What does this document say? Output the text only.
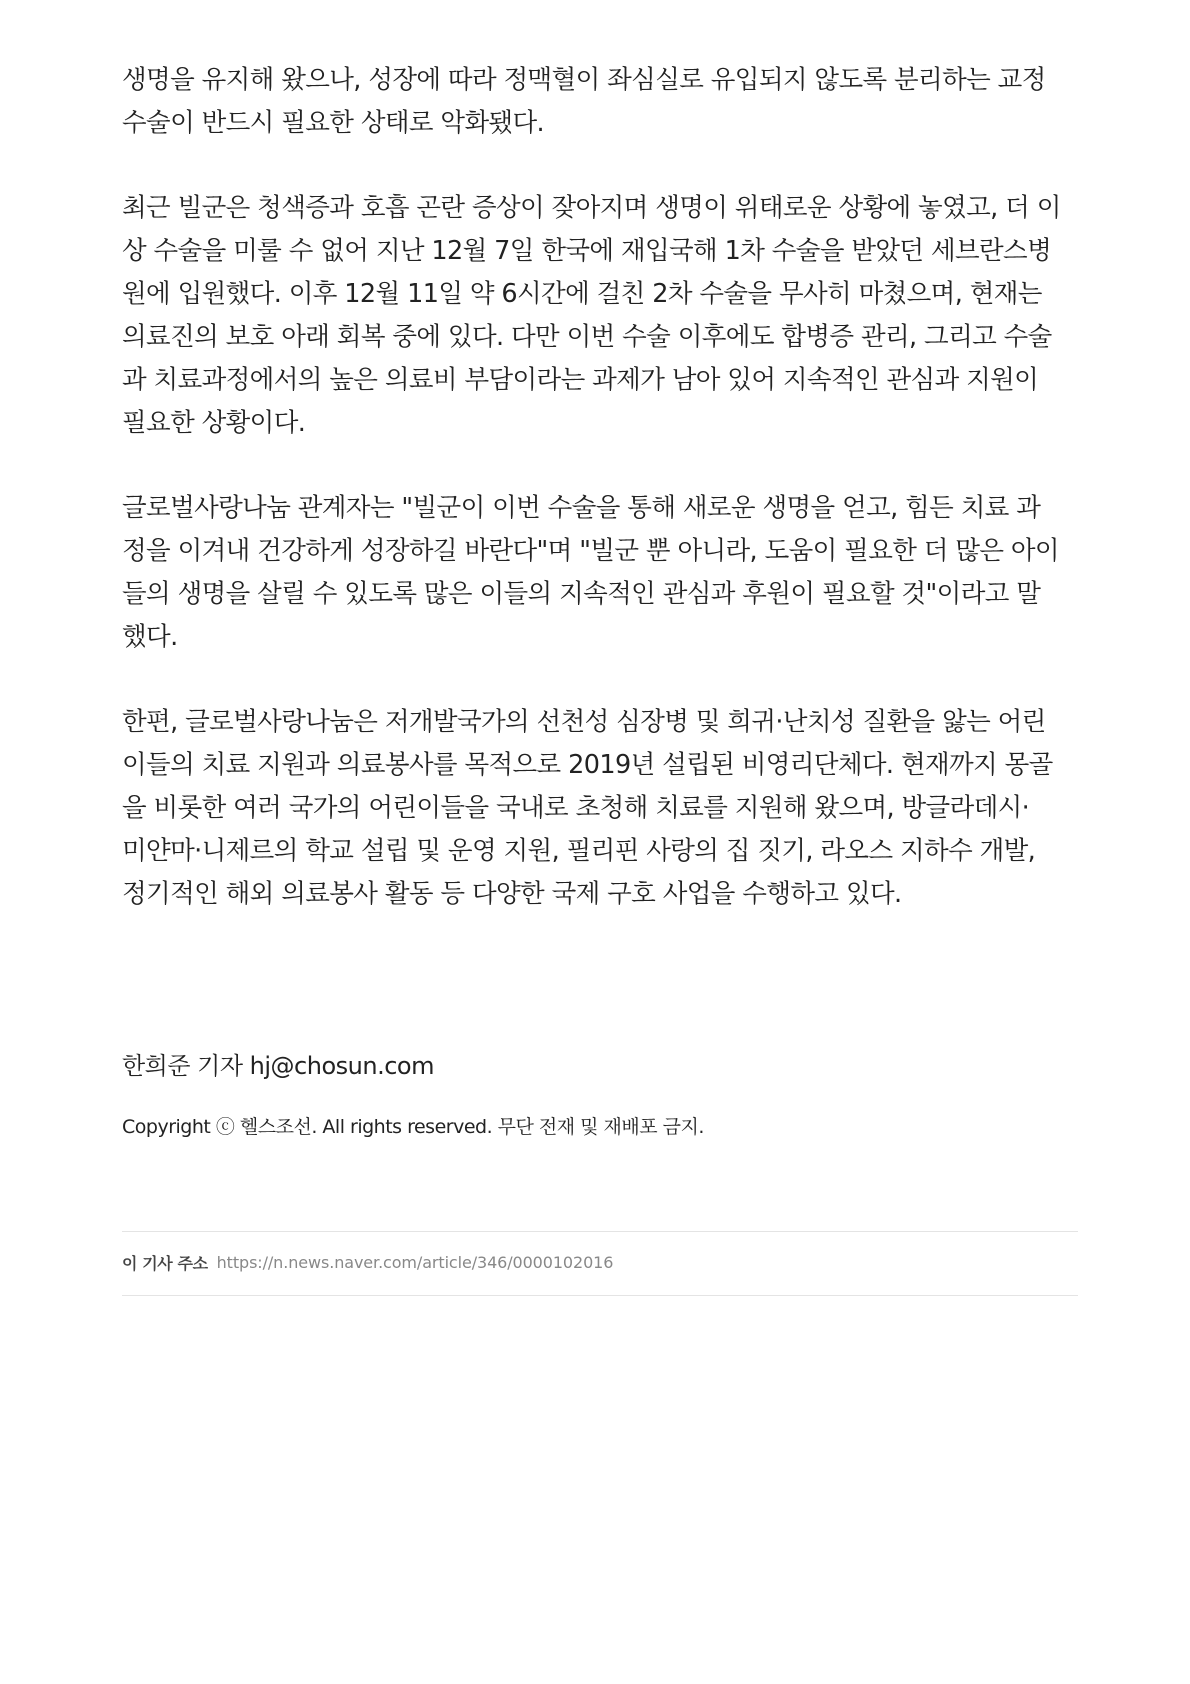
생명을 유지해 왔으나, 성장에 따라 정맥혈이 좌심실로 유입되지 않도록 분리하는 교정
수술이 반드시 필요한 상태로 악화됐다.

최근 빌군은 청색증과 호흡 곤란 증상이 잦아지며 생명이 위태로운 상황에 놓였고, 더 이
상 수술을 미룰 수 없어 지난 12월 7일 한국에 재입국해 1차 수술을 받았던 세브란스병
원에 입원했다. 이후 12월 11일 약 6시간에 걸친 2차 수술을 무사히 마쳤으며, 현재는
의료진의 보호 아래 회복 중에 있다. 다만 이번 수술 이후에도 합병증 관리, 그리고 수술
과 치료과정에서의 높은 의료비 부담이라는 과제가 남아 있어 지속적인 관심과 지원이
필요한 상황이다.

글로벌사랑나눔 관계자는 "빌군이 이번 수술을 통해 새로운 생명을 얻고, 힘든 치료 과
정을 이겨내 건강하게 성장하길 바란다"며 "빌군 뿐 아니라, 도움이 필요한 더 많은 아이
들의 생명을 살릴 수 있도록 많은 이들의 지속적인 관심과 후원이 필요할 것"이라고 말
했다.

한편, 글로벌사랑나눔은 저개발국가의 선천성 심장병 및 희귀·난치성 질환을 앓는 어린
이들의 치료 지원과 의료봉사를 목적으로 2019년 설립된 비영리단체다. 현재까지 몽골
을 비롯한 여러 국가의 어린이들을 국내로 초청해 치료를 지원해 왔으며, 방글라데시·
미얀마·니제르의 학교 설립 및 운영 지원, 필리핀 사랑의 집 짓기, 라오스 지하수 개발,
정기적인 해외 의료봉사 활동 등 다양한 국제 구호 사업을 수행하고 있다.

한희준 기자 hj@chosun.com
Copyright ⓒ 헬스조선. All rights reserved. 무단 전재 및 재배포 금지.
이 기사 주소 https://n.news.naver.com/article/346/0000102016
